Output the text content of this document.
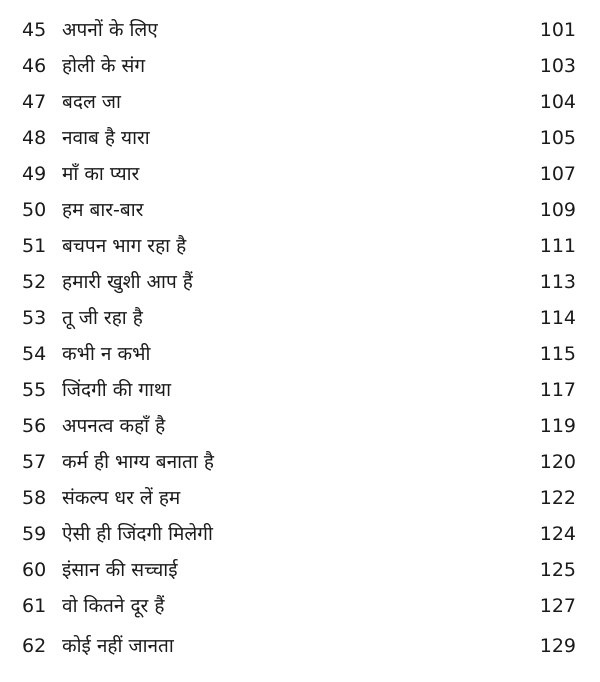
45 अपनों के लिए	101
46 होली के संग	103
47 बदल जा	104
48 नवाब है यारा	105
49 माँ का प्यार	107
50 हम बार-बार	109
51 बचपन भाग रहा है	111
52 हमारी खुशी आप हैं	113
53 तू जी रहा है	114
54 कभी न कभी	115
55 जिंदगी की गाथा	117
56 अपनत्व कहाँ है	119
57 कर्म ही भाग्य बनाता है	120
58 संकल्प धर लें हम	122
59 ऐसी ही जिंदगी मिलेगी	124
60 इंसान की सच्चाई	125
61 वो कितने दूर हैं	127
62 कोई नहीं जानता	129
